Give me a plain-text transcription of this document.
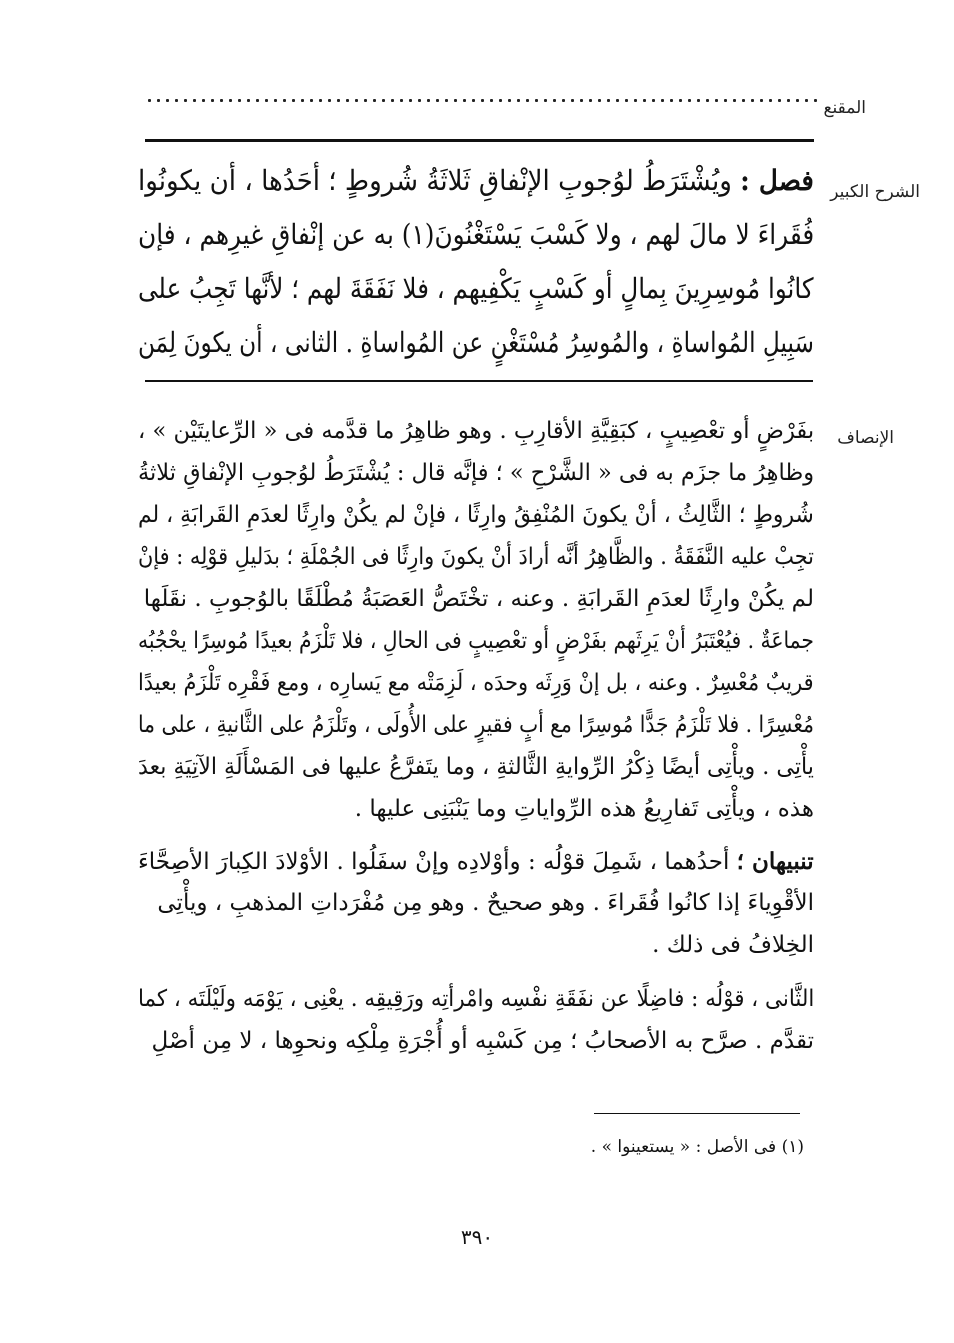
المقنع
الشرح الكبير
فصل : ويُشْتَرَطُ لوُجوبِ الإنْفاقِ ثَلاثَةُ شُروطٍ ؛ أحَدُها ، أن يكونُوا
فُقَراءَ لا مالَ لهم ، ولا كَسْبَ يَسْتَغْنُونَ(١) به عن إنْفاقِ غيرِهم ، فإن
كانُوا مُوسِرِينَ بِمالٍ أو كَسْبٍ يَكْفِيهم ، فلا نَفَقَةَ لهم ؛ لأنَّها تَجِبُ على
سَبِيلِ المُواساةِ ، والمُوسِرُ مُسْتَغْنٍ عن المُواساةِ . الثانى ، أن يكونَ لِمَن
الإنصاف
بفَرْضٍ أو تعْصِيبٍ ، كبَقِيَّةِ الأقارِبِ . وهو ظاهِرُ ما قدَّمه فى « الرِّعايتَيْن » ،
وظاهِرُ ما جزَم به فى « الشَّرْحِ » ؛ فإنَّه قال : يُشْتَرَطُ لوُجوبِ الإنْفاقِ ثلاثةُ
شُروطٍ ؛ الثَّالِثُ ، أنْ يكونَ المُنْفِقُ وارِثًا ، فإنْ لم يكُنْ وارِثًا لعدَمِ القَرابَةِ ، لم
تجِبْ عليه النَّفَقَةُ . والظَّاهِرُ أنَّه أرادَ أنْ يكونَ وارِثًا فى الجُمْلَةِ ؛ بدَليلِ قوْلِه : فإنْ
لم يكُنْ وارِثًا لعدَمِ القَرابَةِ . وعنه ، تخْتَصُّ العَصَبَةُ مُطْلَقًا بالوُجوبِ . نقَلَها
جماعَةٌ . فيُعْتَبَرُ أنْ يَرِثَهم بفَرْضٍ أو تعْصِيبٍ فى الحالِ ، فلا تَلْزَمُ بعيدًا مُوسِرًا يحْجُبُه
قريبٌ مُعْسِرٌ . وعنه ، بل إنْ وَرِثَه وحدَه ، لَزِمَتْه مع يَسارِه ، ومع فَقْرِه تَلْزَمُ بعيدًا
مُعْسِرًا . فلا تَلْزَمُ جَدًّا مُوسِرًا مع أبٍ فقيرٍ على الأُولَى ، وتَلْزَمُ على الثَّانيةِ ، على ما
يأْتِى . ويأْتِى أيضًا ذِكْرُ الرِّوايةِ الثَّالثةِ ، وما يتَفرَّعُ عليها فى المَسْأَلَةِ الآتِيَةِ بعدَ
هذه ، ويأْتِى تَفارِيعُ هذه الرِّواياتِ وما يَنْبَنِى عليها .
تنبيهان ؛ أحدُهما ، شَمِلَ قوْلُه : وأوْلادِه وإنْ سفَلُوا . الأوْلادَ الكِبارَ الأصِحَّاءَ
الأقْوِياءَ إذا كانُوا فُقَراءَ . وهو صحيحٌ . وهو مِن مُفْرَداتِ المذهبِ ، ويأْتِى
الخِلافُ فى ذلك .
الثَّانى ، قوْلُه : فاضِلًا عن نفَقَةِ نفْسِه وامْرأتِه ورَقِيقِه . يعْنِى ، يَوْمَه ولَيْلَتَه ، كما
تقدَّم . صرَّح به الأصحابُ ؛ مِن كَسْبِه أو أُجْرَةِ مِلْكِه ونحوِها ، لا مِن أصْلِ
(١) فى الأصل : « يستعينوا » .
٣٩٠
